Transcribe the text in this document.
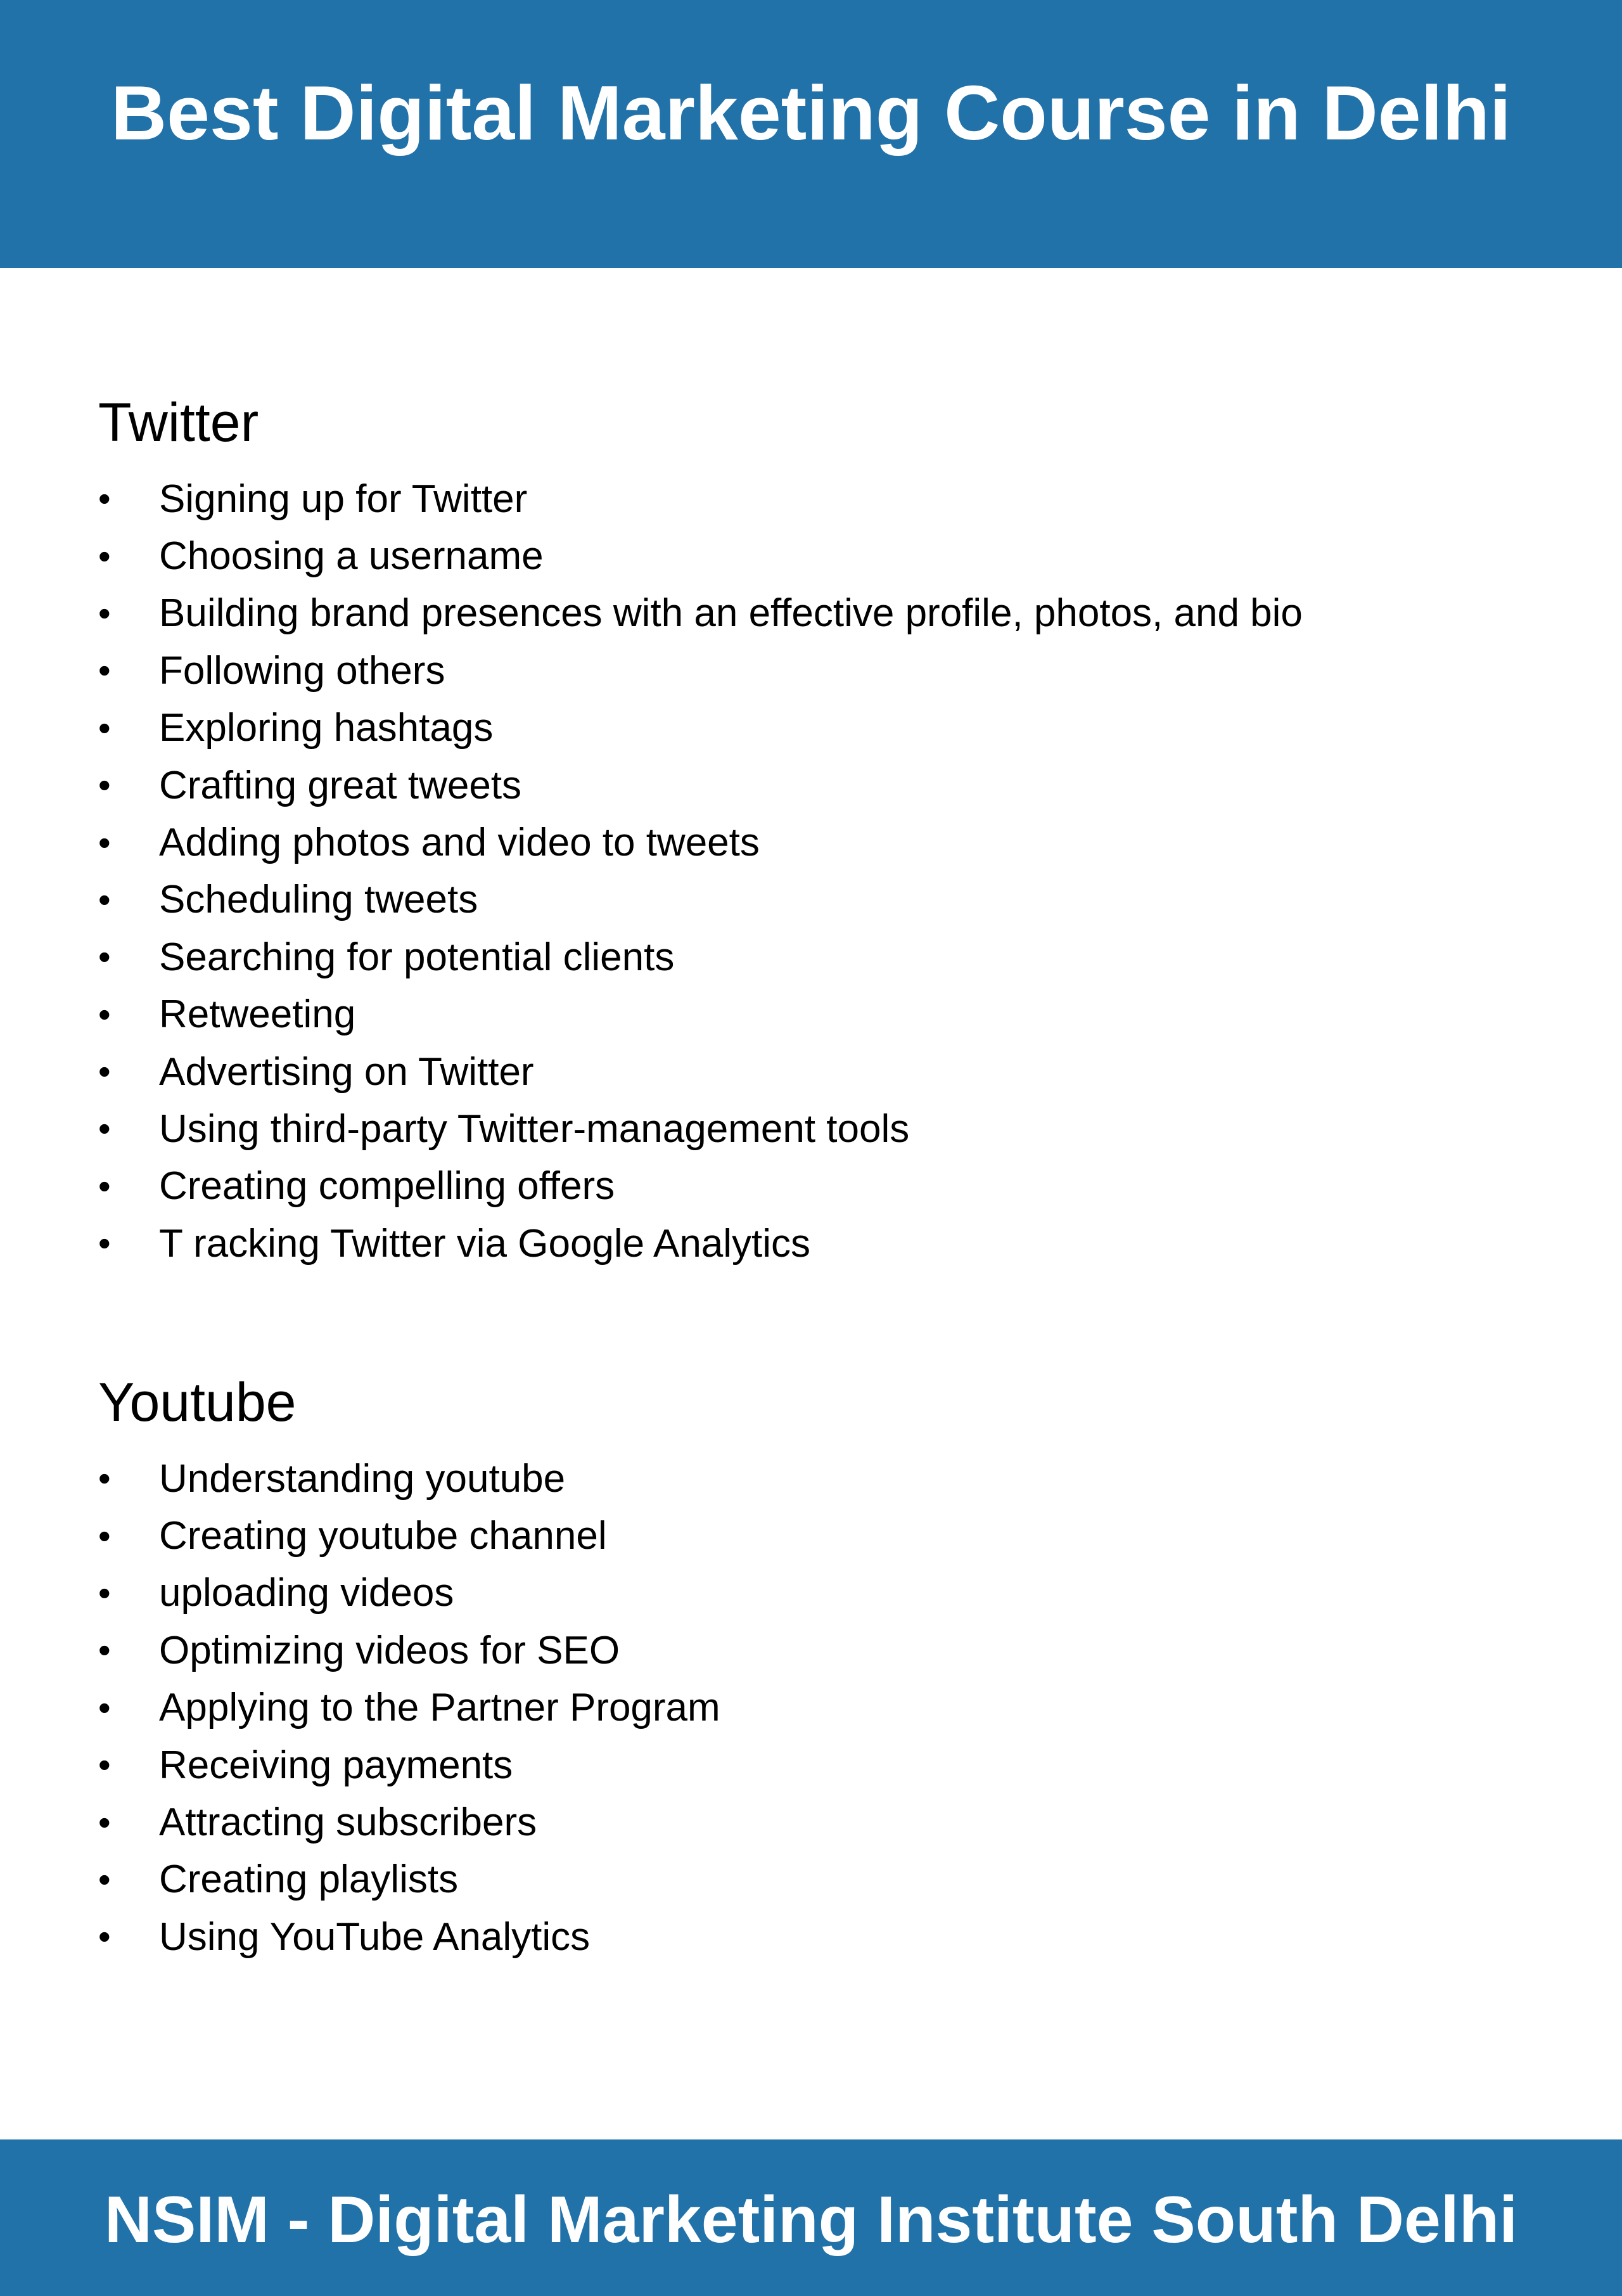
Best Digital Marketing Course in Delhi
Twitter
•	Signing up for Twitter
•	Choosing a username
•	Building brand presences with an effective profile, photos, and bio
•	Following others
•	Exploring hashtags
•	Crafting great tweets
•	Adding photos and video to tweets
•	Scheduling tweets
•	Searching for potential clients
•	Retweeting
•	Advertising on Twitter
•	Using third-party Twitter-management tools
•	Creating compelling offers
•	T racking Twitter via Google Analytics
Youtube
•	Understanding youtube
•	Creating youtube channel
•	uploading videos
•	Optimizing videos for SEO
•	Applying to the Partner Program
•	Receiving payments
•	Attracting subscribers
•	Creating playlists
•	Using YouTube Analytics
NSIM - Digital Marketing Institute South Delhi
